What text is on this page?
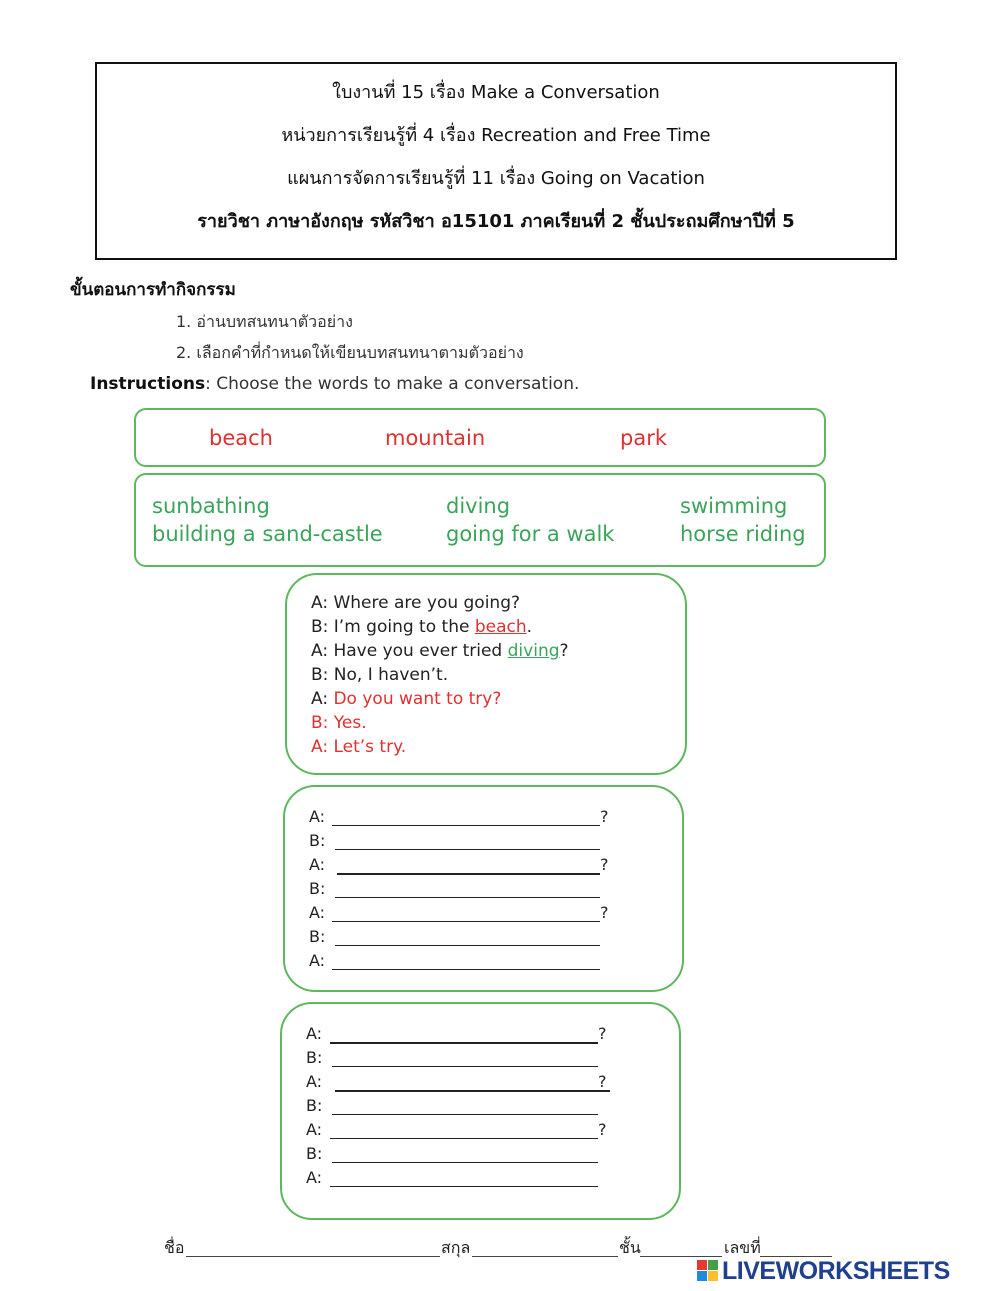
ใบงานที่ 15 เรื่อง Make a Conversation
หน่วยการเรียนรู้ที่ 4 เรื่อง Recreation and Free Time
แผนการจัดการเรียนรู้ที่ 11 เรื่อง Going on Vacation
รายวิชา ภาษาอังกฤษ รหัสวิชา อ15101 ภาคเรียนที่ 2 ชั้นประถมศึกษาปีที่ 5
ขั้นตอนการทำกิจกรรม
1. อ่านบทสนทนาตัวอย่าง
2. เลือกคำที่กำหนดให้เขียนบทสนทนาตามตัวอย่าง
Instructions: Choose the words to make a conversation.
beach	mountain	park
sunbathing	diving	swimming
building a sand-castle	going for a walk	horse riding
A: Where are you going?
B: I’m going to the beach.
A: Have you ever tried diving?
B: No, I haven’t.
A: Do you want to try?
B: Yes.
A: Let’s try.
A:	?
B:
A:	?
B:
A:	?
B:
A:
A:	?
B:
A:	?
B:
A:	?
B:
A:
ชื่อ	สกุล	ชั้น	เลขที่
LIVEWORKSHEETS
